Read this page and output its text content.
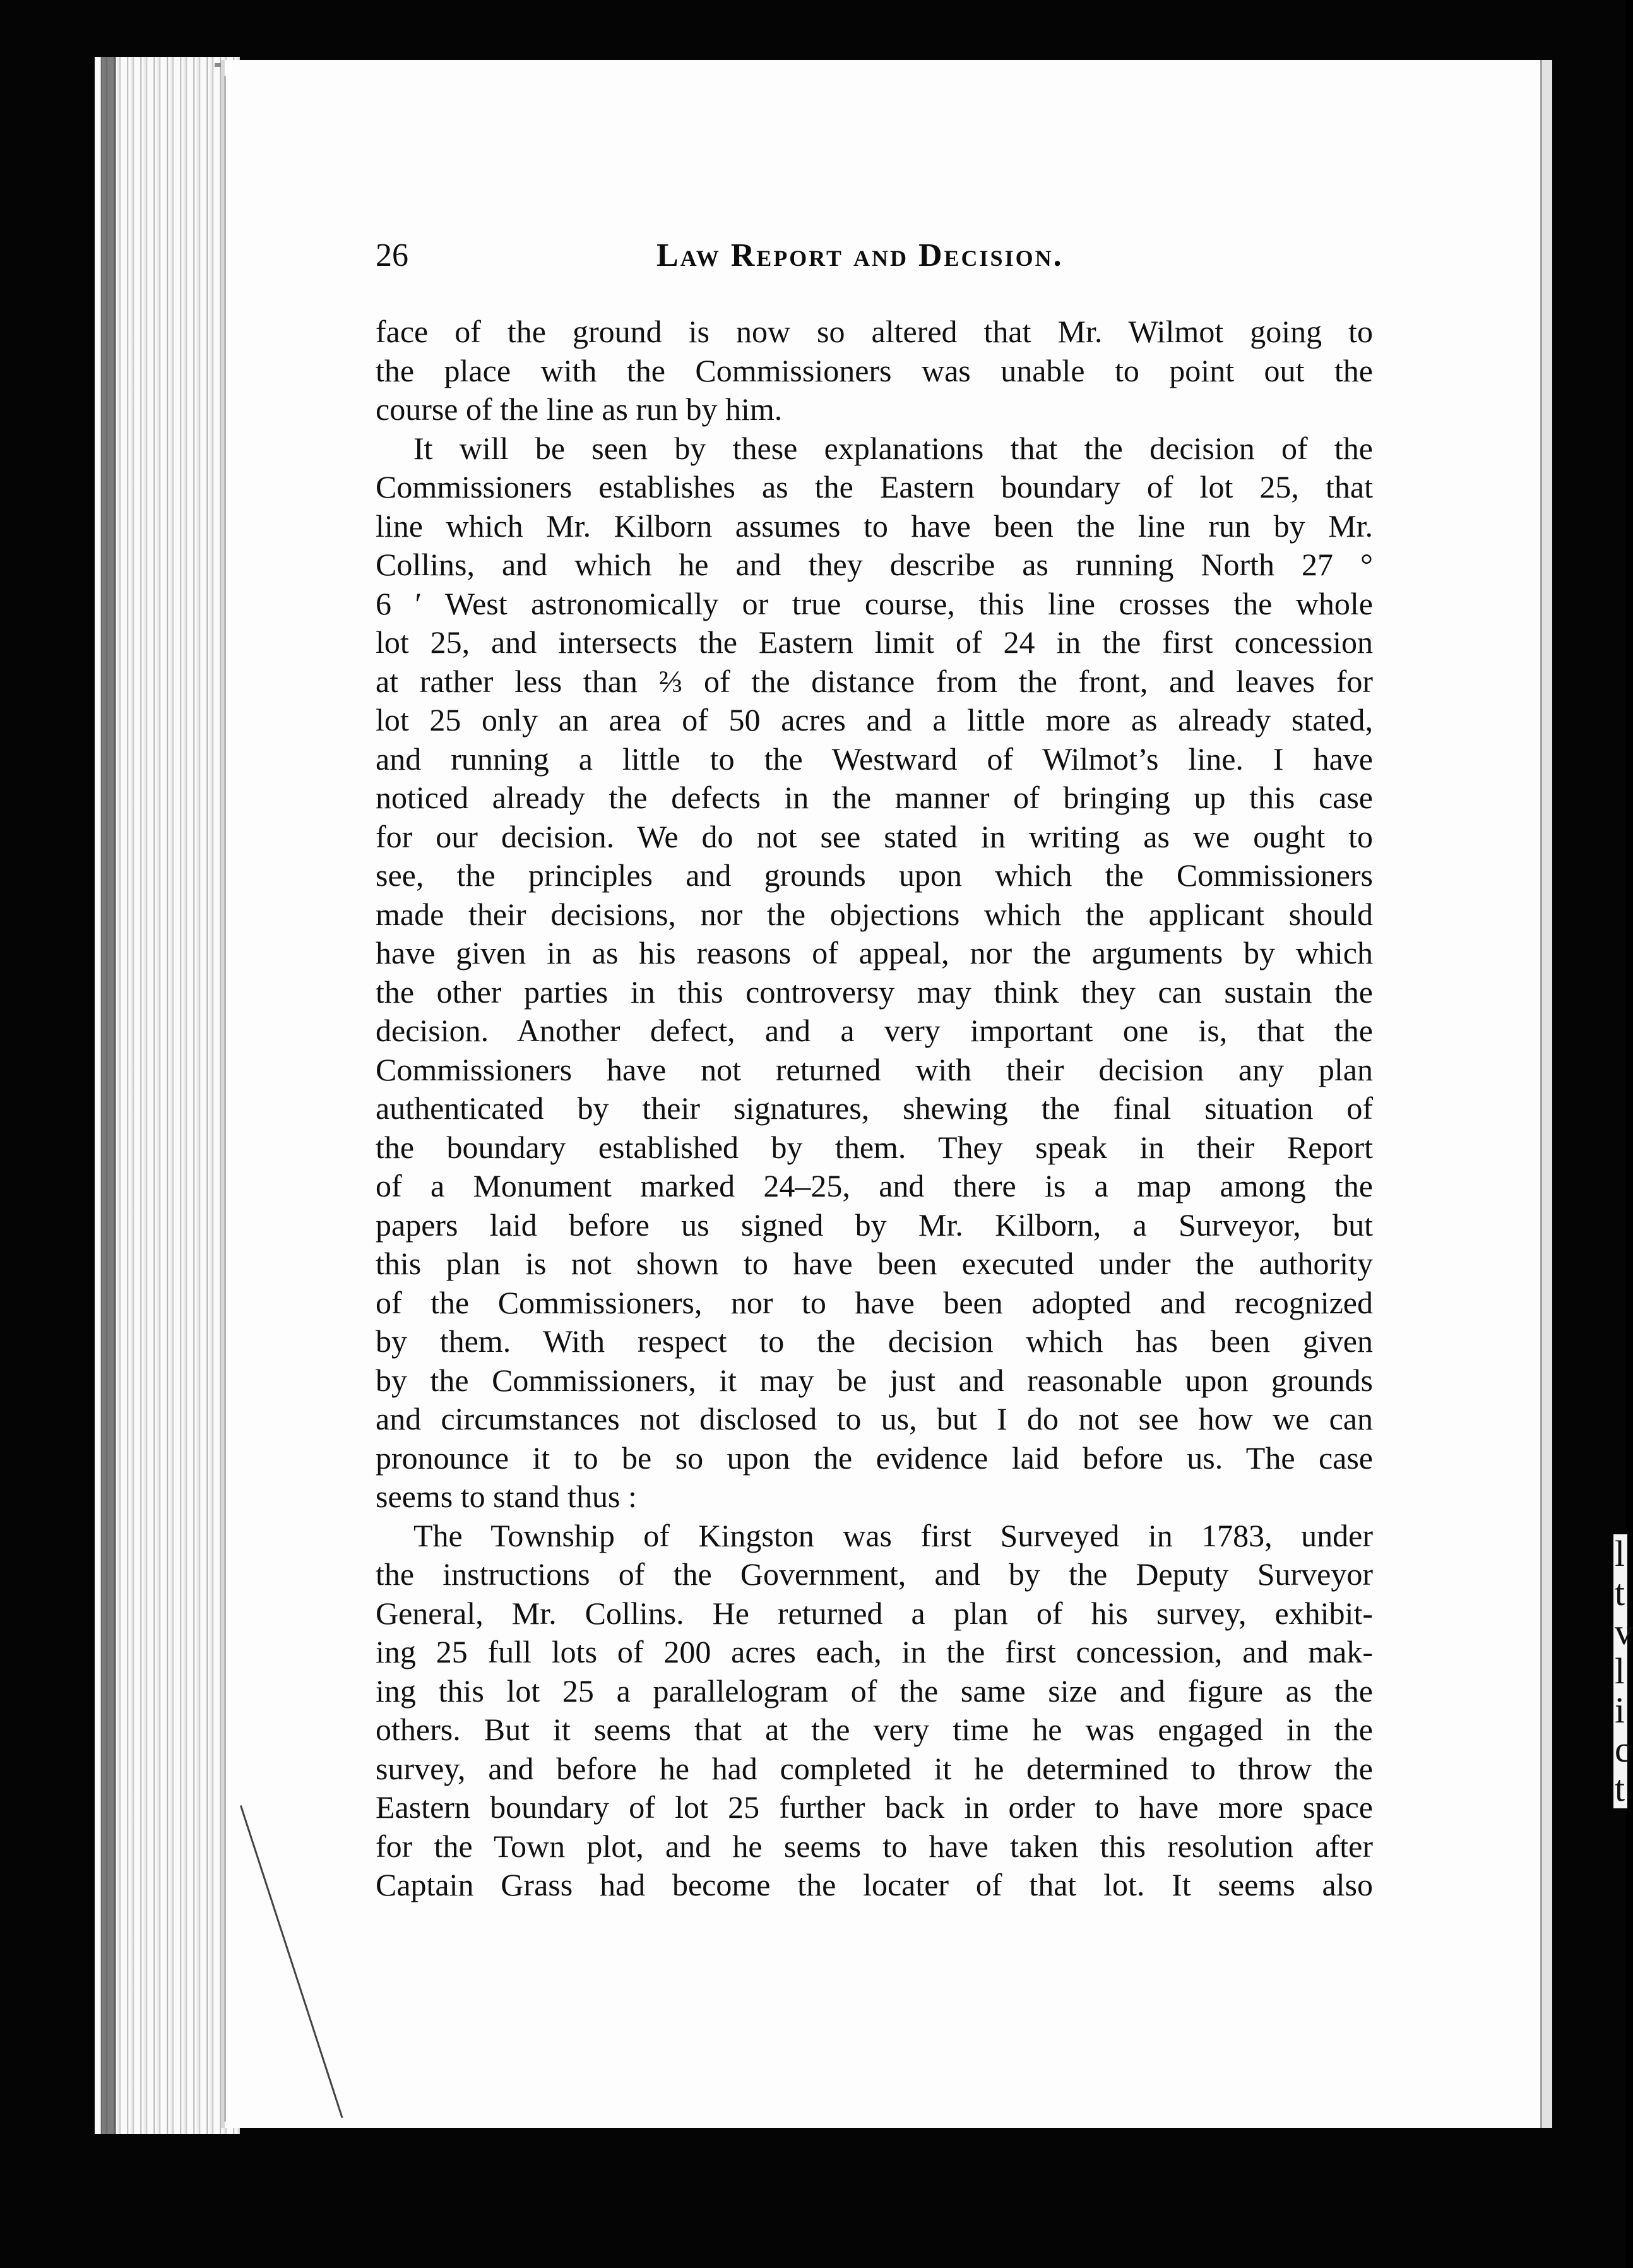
l
t
v
l
i
c
t
26	Law Report and Decision.
face of the ground is now so altered that Mr. Wilmot going to
the place with the Commissioners was unable to point out the
course of the line as run by him.
It will be seen by these explanations that the decision of the
Commissioners establishes as the Eastern boundary of lot 25, that
line which Mr. Kilborn assumes to have been the line run by Mr.
Collins, and which he and they describe as running North 27 °
6 ′ West astronomically or true course, this line crosses the whole
lot 25, and intersects the Eastern limit of 24 in the first concession
at rather less than ⅔ of the distance from the front, and leaves for
lot 25 only an area of 50 acres and a little more as already stated,
and running a little to the Westward of Wilmot’s line. I have
noticed already the defects in the manner of bringing up this case
for our decision. We do not see stated in writing as we ought to
see, the principles and grounds upon which the Commissioners
made their decisions, nor the objections which the applicant should
have given in as his reasons of appeal, nor the arguments by which
the other parties in this controversy may think they can sustain the
decision. Another defect, and a very important one is, that the
Commissioners have not returned with their decision any plan
authenticated by their signatures, shewing the final situation of
the boundary established by them. They speak in their Report
of a Monument marked 24–25, and there is a map among the
papers laid before us signed by Mr. Kilborn, a Surveyor, but
this plan is not shown to have been executed under the authority
of the Commissioners, nor to have been adopted and recognized
by them. With respect to the decision which has been given
by the Commissioners, it may be just and reasonable upon grounds
and circumstances not disclosed to us, but I do not see how we can
pronounce it to be so upon the evidence laid before us. The case
seems to stand thus :
The Township of Kingston was first Surveyed in 1783, under
the instructions of the Government, and by the Deputy Surveyor
General, Mr. Collins. He returned a plan of his survey, exhibit-
ing 25 full lots of 200 acres each, in the first concession, and mak-
ing this lot 25 a parallelogram of the same size and figure as the
others. But it seems that at the very time he was engaged in the
survey, and before he had completed it he determined to throw the
Eastern boundary of lot 25 further back in order to have more space
for the Town plot, and he seems to have taken this resolution after
Captain Grass had become the locater of that lot. It seems also
